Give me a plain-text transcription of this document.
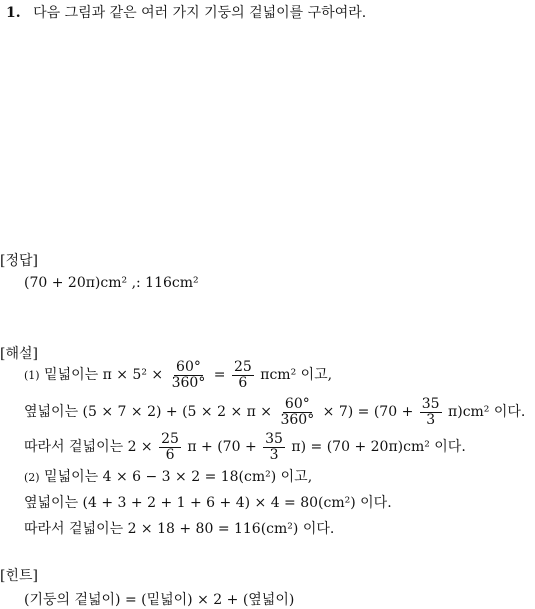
1. 다음 그림과 같은 여러 가지 기둥의 겉넓이를 구하여라.
[정답]
(70 + 20π)cm² ,: 116cm²
[해설]
(1) 밑넓이는 $\pi \times 5^2 \times \frac{60^\circ}{360^\circ} = \frac{25}{6} \pi cm^2$ 이고,
옆넓이는 $(5 \times 7 \times 2) + (5 \times 2 \times \pi \times \frac{60^\circ}{360^\circ} \times 7) = (70 + \frac{35}{3} \pi)cm^2$ 이다.
따라서 겉넓이는 $2 \times \frac{25}{6}$ $\pi + (70 + \frac{35}{3} \pi) = (70 + 20\pi)cm^2$ 이다.
(2) 밑넓이는 4 × 6 − 3 × 2 = 18(cm²) 이고,
옆넓이는 (4 + 3 + 2 + 1 + 6 + 4) × 4 = 80(cm²) 이다.
따라서 겉넓이는 2 × 18 + 80 = 116(cm²) 이다.
[힌트]
(기둥의 겉넓이) = (밑넓이) × 2 + (옆넓이)
